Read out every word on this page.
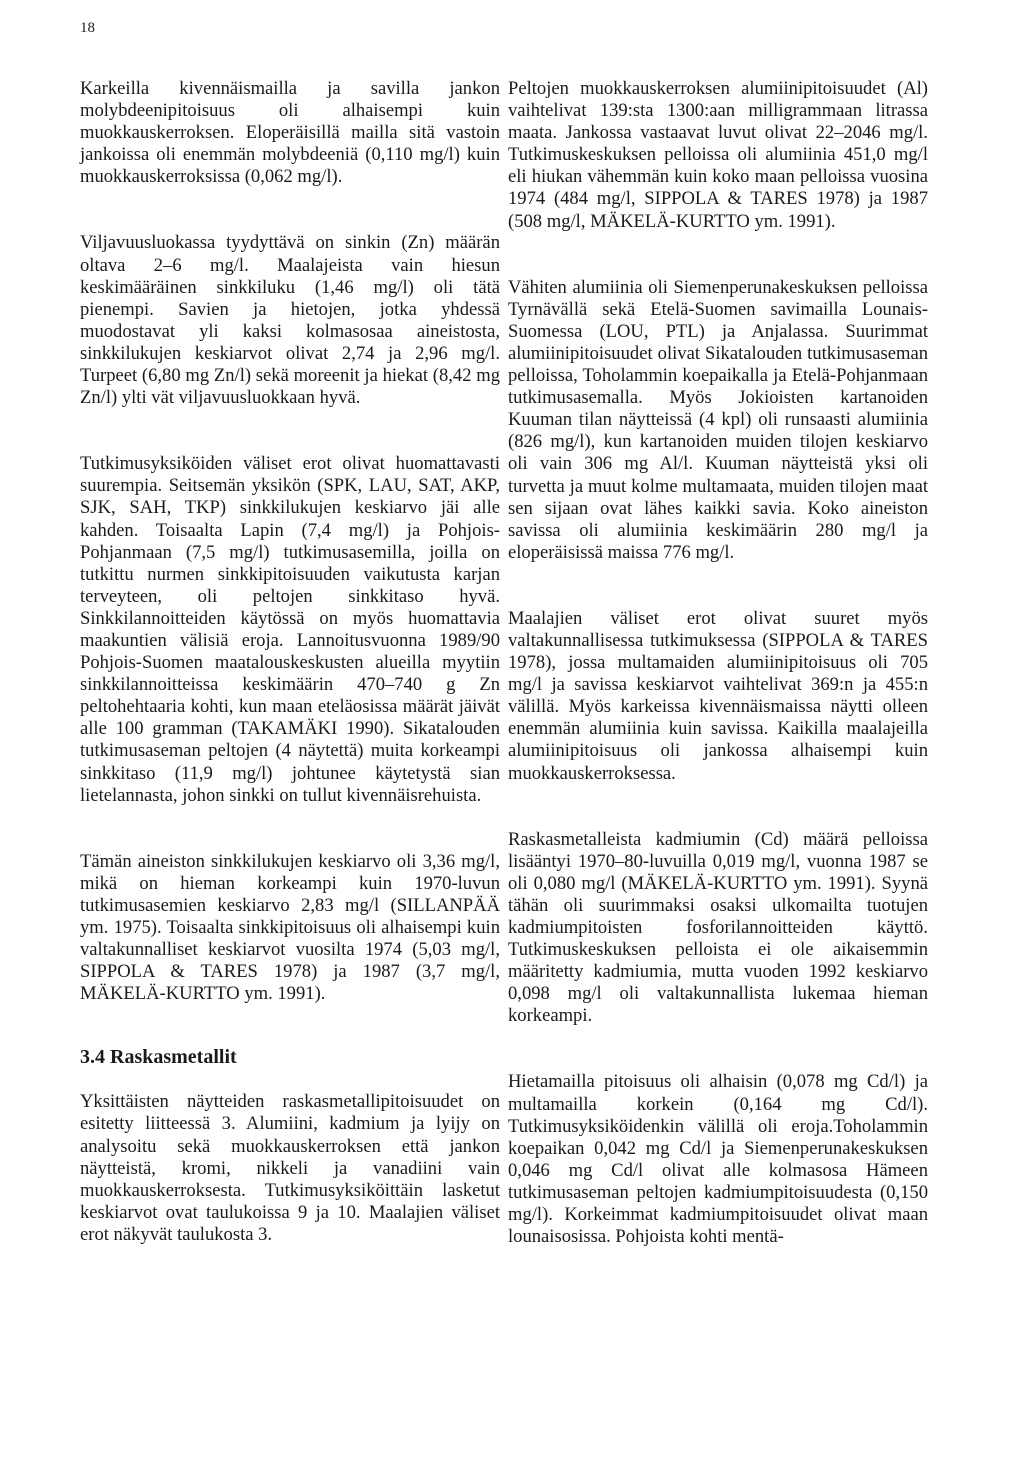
18

Karkeilla kivennäismailla ja savilla jankon molybdeenipitoisuus oli alhaisempi kuin muokkauskerroksen. Eloperäisillä mailla sitä vastoin jankoissa oli enemmän molybdeeniä (0,110 mg/l) kuin muokkauskerroksissa (0,062 mg/l).

Viljavuusluokassa tyydyttävä on sinkin (Zn) määrän oltava 2–6 mg/l. Maalajeista vain hiesun keskimääräinen sinkkiluku (1,46 mg/l) oli tätä pienempi. Savien ja hietojen, jotka yhdessä muodostavat yli kaksi kolmasosaa aineistosta, sinkkilukujen keskiarvot olivat 2,74 ja 2,96 mg/l. Turpeet (6,80 mg Zn/l) sekä moreenit ja hiekat (8,42 mg Zn/l) ylti vät viljavuusluokkaan hyvä.

Tutkimusyksiköiden väliset erot olivat huomattavasti suurempia. Seitsemän yksikön (SPK, LAU, SAT, AKP, SJK, SAH, TKP) sinkkilukujen keskiarvo jäi alle kahden. Toisaalta Lapin (7,4 mg/l) ja Pohjois-Pohjanmaan (7,5 mg/l) tutkimusasemilla, joilla on tutkittu nurmen sinkkipitoisuuden vaikutusta karjan terveyteen, oli peltojen sinkkitaso hyvä. Sinkkilannoitteiden käytössä on myös huomattavia maakuntien välisiä eroja. Lannoitusvuonna 1989/90 Pohjois-Suomen maatalouskeskusten alueilla myytiin sinkkilannoitteissa keskimäärin 470–740 g Zn peltohehtaaria kohti, kun maan eteläosissa määrät jäivät alle 100 gramman (TAKAMÄKI 1990). Sikatalouden tutkimusaseman peltojen (4 näytettä) muita korkeampi sinkkitaso (11,9 mg/l) johtunee käytetystä sian lietelannasta, johon sinkki on tullut kivennäisrehuista.

Tämän aineiston sinkkilukujen keskiarvo oli 3,36 mg/l, mikä on hieman korkeampi kuin 1970-luvun tutkimusasemien keskiarvo 2,83 mg/l (SILLANPÄÄ ym. 1975). Toisaalta sinkkipitoisuus oli alhaisempi kuin valtakunnalliset keskiarvot vuosilta 1974 (5,03 mg/l, SIPPOLA & TARES 1978) ja 1987 (3,7 mg/l, MÄKELÄ-KURTTO ym. 1991).

3.4 Raskasmetallit

Yksittäisten näytteiden raskasmetallipitoisuudet on esitetty liitteessä 3. Alumiini, kadmium ja lyijy on analysoitu sekä muokkauskerroksen että jankon näytteistä, kromi, nikkeli ja vanadiini vain muokkauskerroksesta. Tutkimusyksiköittäin lasketut keskiarvot ovat taulukoissa 9 ja 10. Maalajien väliset erot näkyvät taulukosta 3.

Peltojen muokkauskerroksen alumiinipitoisuudet (Al) vaihtelivat 139:sta 1300:aan milligrammaan litrassa maata. Jankossa vastaavat luvut olivat 22–2046 mg/l. Tutkimuskeskuksen pelloissa oli alumiinia 451,0 mg/l eli hiukan vähemmän kuin koko maan pelloissa vuosina 1974 (484 mg/l, SIPPOLA & TARES 1978) ja 1987 (508 mg/l, MÄKELÄ-KURTTO ym. 1991).

Vähiten alumiinia oli Siemenperunakeskuksen pelloissa Tyrnävällä sekä Etelä-Suomen savimailla Lounais-Suomessa (LOU, PTL) ja Anjalassa. Suurimmat alumiinipitoisuudet olivat Sikatalouden tutkimusaseman pelloissa, Toholammin koepaikalla ja Etelä-Pohjanmaan tutkimusasemalla. Myös Jokioisten kartanoiden Kuuman tilan näytteissä (4 kpl) oli runsaasti alumiinia (826 mg/l), kun kartanoiden muiden tilojen keskiarvo oli vain 306 mg Al/l. Kuuman näytteistä yksi oli turvetta ja muut kolme multamaata, muiden tilojen maat sen sijaan ovat lähes kaikki savia. Koko aineiston savissa oli alumiinia keskimäärin 280 mg/l ja eloperäisissä maissa 776 mg/l.

Maalajien väliset erot olivat suuret myös valtakunnallisessa tutkimuksessa (SIPPOLA & TARES 1978), jossa multamaiden alumiinipitoisuus oli 705 mg/l ja savissa keskiarvot vaihtelivat 369:n ja 455:n välillä. Myös karkeissa kivennäismaissa näytti olleen enemmän alumiinia kuin savissa. Kaikilla maalajeilla alumiinipitoisuus oli jankossa alhaisempi kuin muokkauskerroksessa.

Raskasmetalleista kadmiumin (Cd) määrä pelloissa lisääntyi 1970–80-luvuilla 0,019 mg/l, vuonna 1987 se oli 0,080 mg/l (MÄKELÄ-KURTTO ym. 1991). Syynä tähän oli suurimmaksi osaksi ulkomailta tuotujen kadmiumpitoisten fosforilannoitteiden käyttö. Tutkimuskeskuksen pelloista ei ole aikaisemmin määritetty kadmiumia, mutta vuoden 1992 keskiarvo 0,098 mg/l oli valtakunnallista lukemaa hieman korkeampi.

Hietamailla pitoisuus oli alhaisin (0,078 mg Cd/l) ja multamailla korkein (0,164 mg Cd/l). Tutkimusyksiköidenkin välillä oli eroja.Toholammin koepaikan 0,042 mg Cd/l ja Siemenperunakeskuksen 0,046 mg Cd/l olivat alle kolmasosa Hämeen tutkimusaseman peltojen kadmiumpitoisuudesta (0,150 mg/l). Korkeimmat kadmiumpitoisuudet olivat maan lounaisosissa. Pohjoista kohti mentä-
